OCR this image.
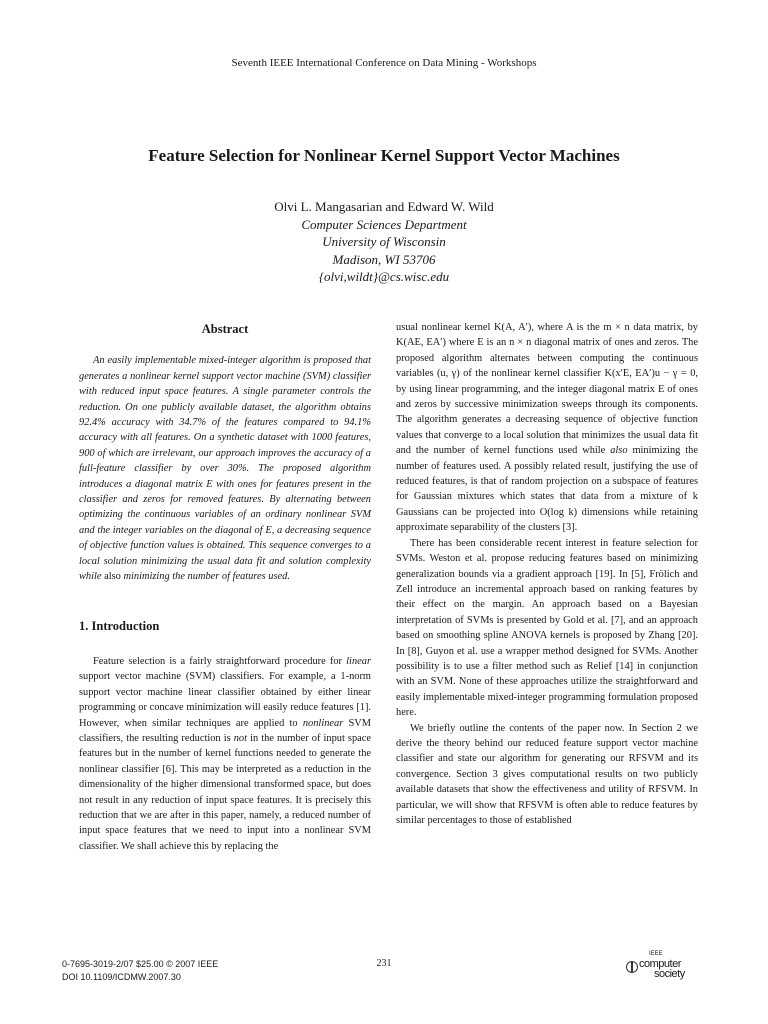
Seventh IEEE International Conference on Data Mining - Workshops
Feature Selection for Nonlinear Kernel Support Vector Machines
Olvi L. Mangasarian and Edward W. Wild
Computer Sciences Department
University of Wisconsin
Madison, WI 53706
{olvi,wildt}@cs.wisc.edu
Abstract

An easily implementable mixed-integer algorithm is proposed that generates a nonlinear kernel support vector machine (SVM) classifier with reduced input space features. A single parameter controls the reduction. On one publicly available dataset, the algorithm obtains 92.4% accuracy with 34.7% of the features compared to 94.1% accuracy with all features. On a synthetic dataset with 1000 features, 900 of which are irrelevant, our approach improves the accuracy of a full-feature classifier by over 30%. The proposed algorithm introduces a diagonal matrix E with ones for features present in the classifier and zeros for removed features. By alternating between optimizing the continuous variables of an ordinary nonlinear SVM and the integer variables on the diagonal of E, a decreasing sequence of objective function values is obtained. This sequence converges to a local solution minimizing the usual data fit and solution complexity while also minimizing the number of features used.

1. Introduction

Feature selection is a fairly straightforward procedure for linear support vector machine (SVM) classifiers. For example, a 1-norm support vector machine linear classifier obtained by either linear programming or concave minimization will easily reduce features [1]. However, when similar techniques are applied to nonlinear SVM classifiers, the resulting reduction is not in the number of input space features but in the number of kernel functions needed to generate the nonlinear classifier [6]. This may be interpreted as a reduction in the dimensionality of the higher dimensional transformed space, but does not result in any reduction of input space features. It is precisely this reduction that we are after in this paper, namely, a reduced number of input space features that we need to input into a nonlinear SVM classifier. We shall achieve this by replacing the

usual nonlinear kernel K(A, A′), where A is the m × n data matrix, by K(AE, EA′) where E is an n × n diagonal matrix of ones and zeros. The proposed algorithm alternates between computing the continuous variables (u, γ) of the nonlinear kernel classifier K(x′E, EA′)u − γ = 0, by using linear programming, and the integer diagonal matrix E of ones and zeros by successive minimization sweeps through its components. The algorithm generates a decreasing sequence of objective function values that converge to a local solution that minimizes the usual data fit and the number of kernel functions used while also minimizing the number of features used. A possibly related result, justifying the use of reduced features, is that of random projection on a subspace of features for Gaussian mixtures which states that data from a mixture of k Gaussians can be projected into O(log k) dimensions while retaining approximate separability of the clusters [3].

There has been considerable recent interest in feature selection for SVMs. Weston et al. propose reducing features based on minimizing generalization bounds via a gradient approach [19]. In [5], Frölich and Zell introduce an incremental approach based on ranking features by their effect on the margin. An approach based on a Bayesian interpretation of SVMs is presented by Gold et al. [7], and an approach based on smoothing spline ANOVA kernels is proposed by Zhang [20]. In [8], Guyon et al. use a wrapper method designed for SVMs. Another possibility is to use a filter method such as Relief [14] in conjunction with an SVM. None of these approaches utilize the straightforward and easily implementable mixed-integer programming formulation proposed here.

We briefly outline the contents of the paper now. In Section 2 we derive the theory behind our reduced feature support vector machine classifier and state our algorithm for generating our RFSVM and its convergence. Section 3 gives computational results on two publicly available datasets that show the effectiveness and utility of RFSVM. In particular, we will show that RFSVM is often able to reduce features by similar percentages to those of established

0-7695-3019-2/07 $25.00 © 2007 IEEE
DOI 10.1109/ICDMW.2007.30
231
IEEE
computer
society
